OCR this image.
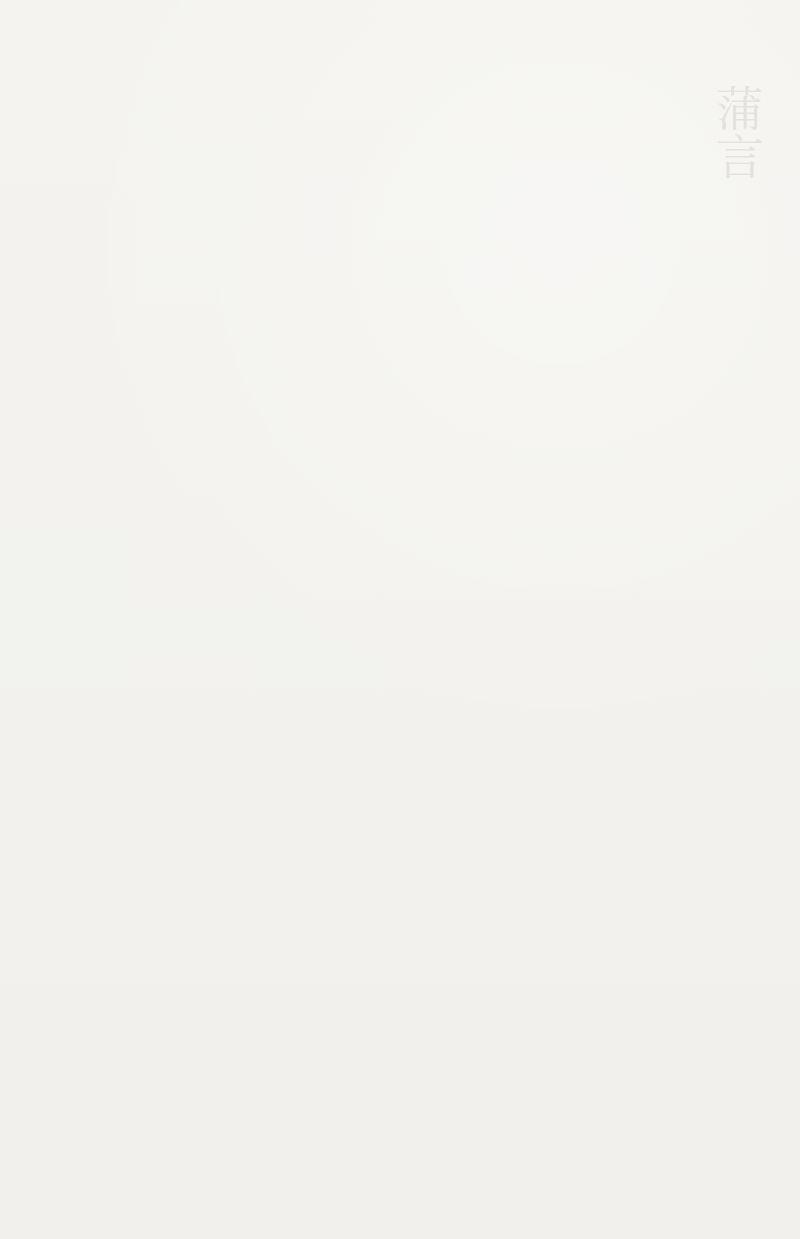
蒲言
